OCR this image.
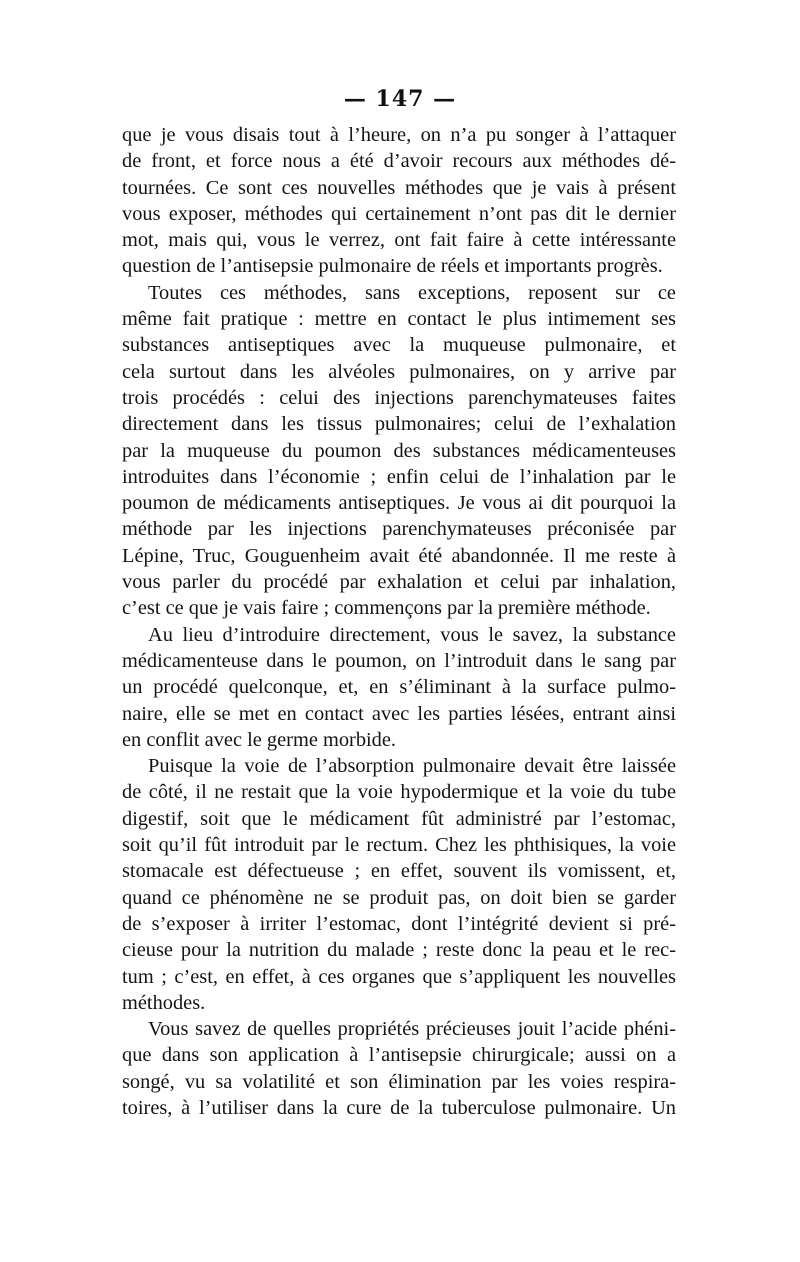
— 147 —
que je vous disais tout à l’heure, on n’a pu songer à l’attaquer
de front, et force nous a été d’avoir recours aux méthodes dé-
tournées. Ce sont ces nouvelles méthodes que je vais à présent
vous exposer, méthodes qui certainement n’ont pas dit le dernier
mot, mais qui, vous le verrez, ont fait faire à cette intéressante
question de l’antisepsie pulmonaire de réels et importants progrès.
Toutes ces méthodes, sans exceptions, reposent sur ce
même fait pratique : mettre en contact le plus intimement ses
substances antiseptiques avec la muqueuse pulmonaire, et
cela surtout dans les alvéoles pulmonaires, on y arrive par
trois procédés : celui des injections parenchymateuses faites
directement dans les tissus pulmonaires; celui de l’exhalation
par la muqueuse du poumon des substances médicamenteuses
introduites dans l’économie ; enfin celui de l’inhalation par le
poumon de médicaments antiseptiques. Je vous ai dit pourquoi la
méthode par les injections parenchymateuses préconisée par
Lépine, Truc, Gouguenheim avait été abandonnée. Il me reste à
vous parler du procédé par exhalation et celui par inhalation,
c’est ce que je vais faire ; commençons par la première méthode.
Au lieu d’introduire directement, vous le savez, la substance
médicamenteuse dans le poumon, on l’introduit dans le sang par
un procédé quelconque, et, en s’éliminant à la surface pulmo-
naire, elle se met en contact avec les parties lésées, entrant ainsi
en conflit avec le germe morbide.
Puisque la voie de l’absorption pulmonaire devait être laissée
de côté, il ne restait que la voie hypodermique et la voie du tube
digestif, soit que le médicament fût administré par l’estomac,
soit qu’il fût introduit par le rectum. Chez les phthisiques, la voie
stomacale est défectueuse ; en effet, souvent ils vomissent, et,
quand ce phénomène ne se produit pas, on doit bien se garder
de s’exposer à irriter l’estomac, dont l’intégrité devient si pré-
cieuse pour la nutrition du malade ; reste donc la peau et le rec-
tum ; c’est, en effet, à ces organes que s’appliquent les nouvelles
méthodes.
Vous savez de quelles propriétés précieuses jouit l’acide phéni-
que dans son application à l’antisepsie chirurgicale; aussi on a
songé, vu sa volatilité et son élimination par les voies respira-
toires, à l’utiliser dans la cure de la tuberculose pulmonaire. Un
